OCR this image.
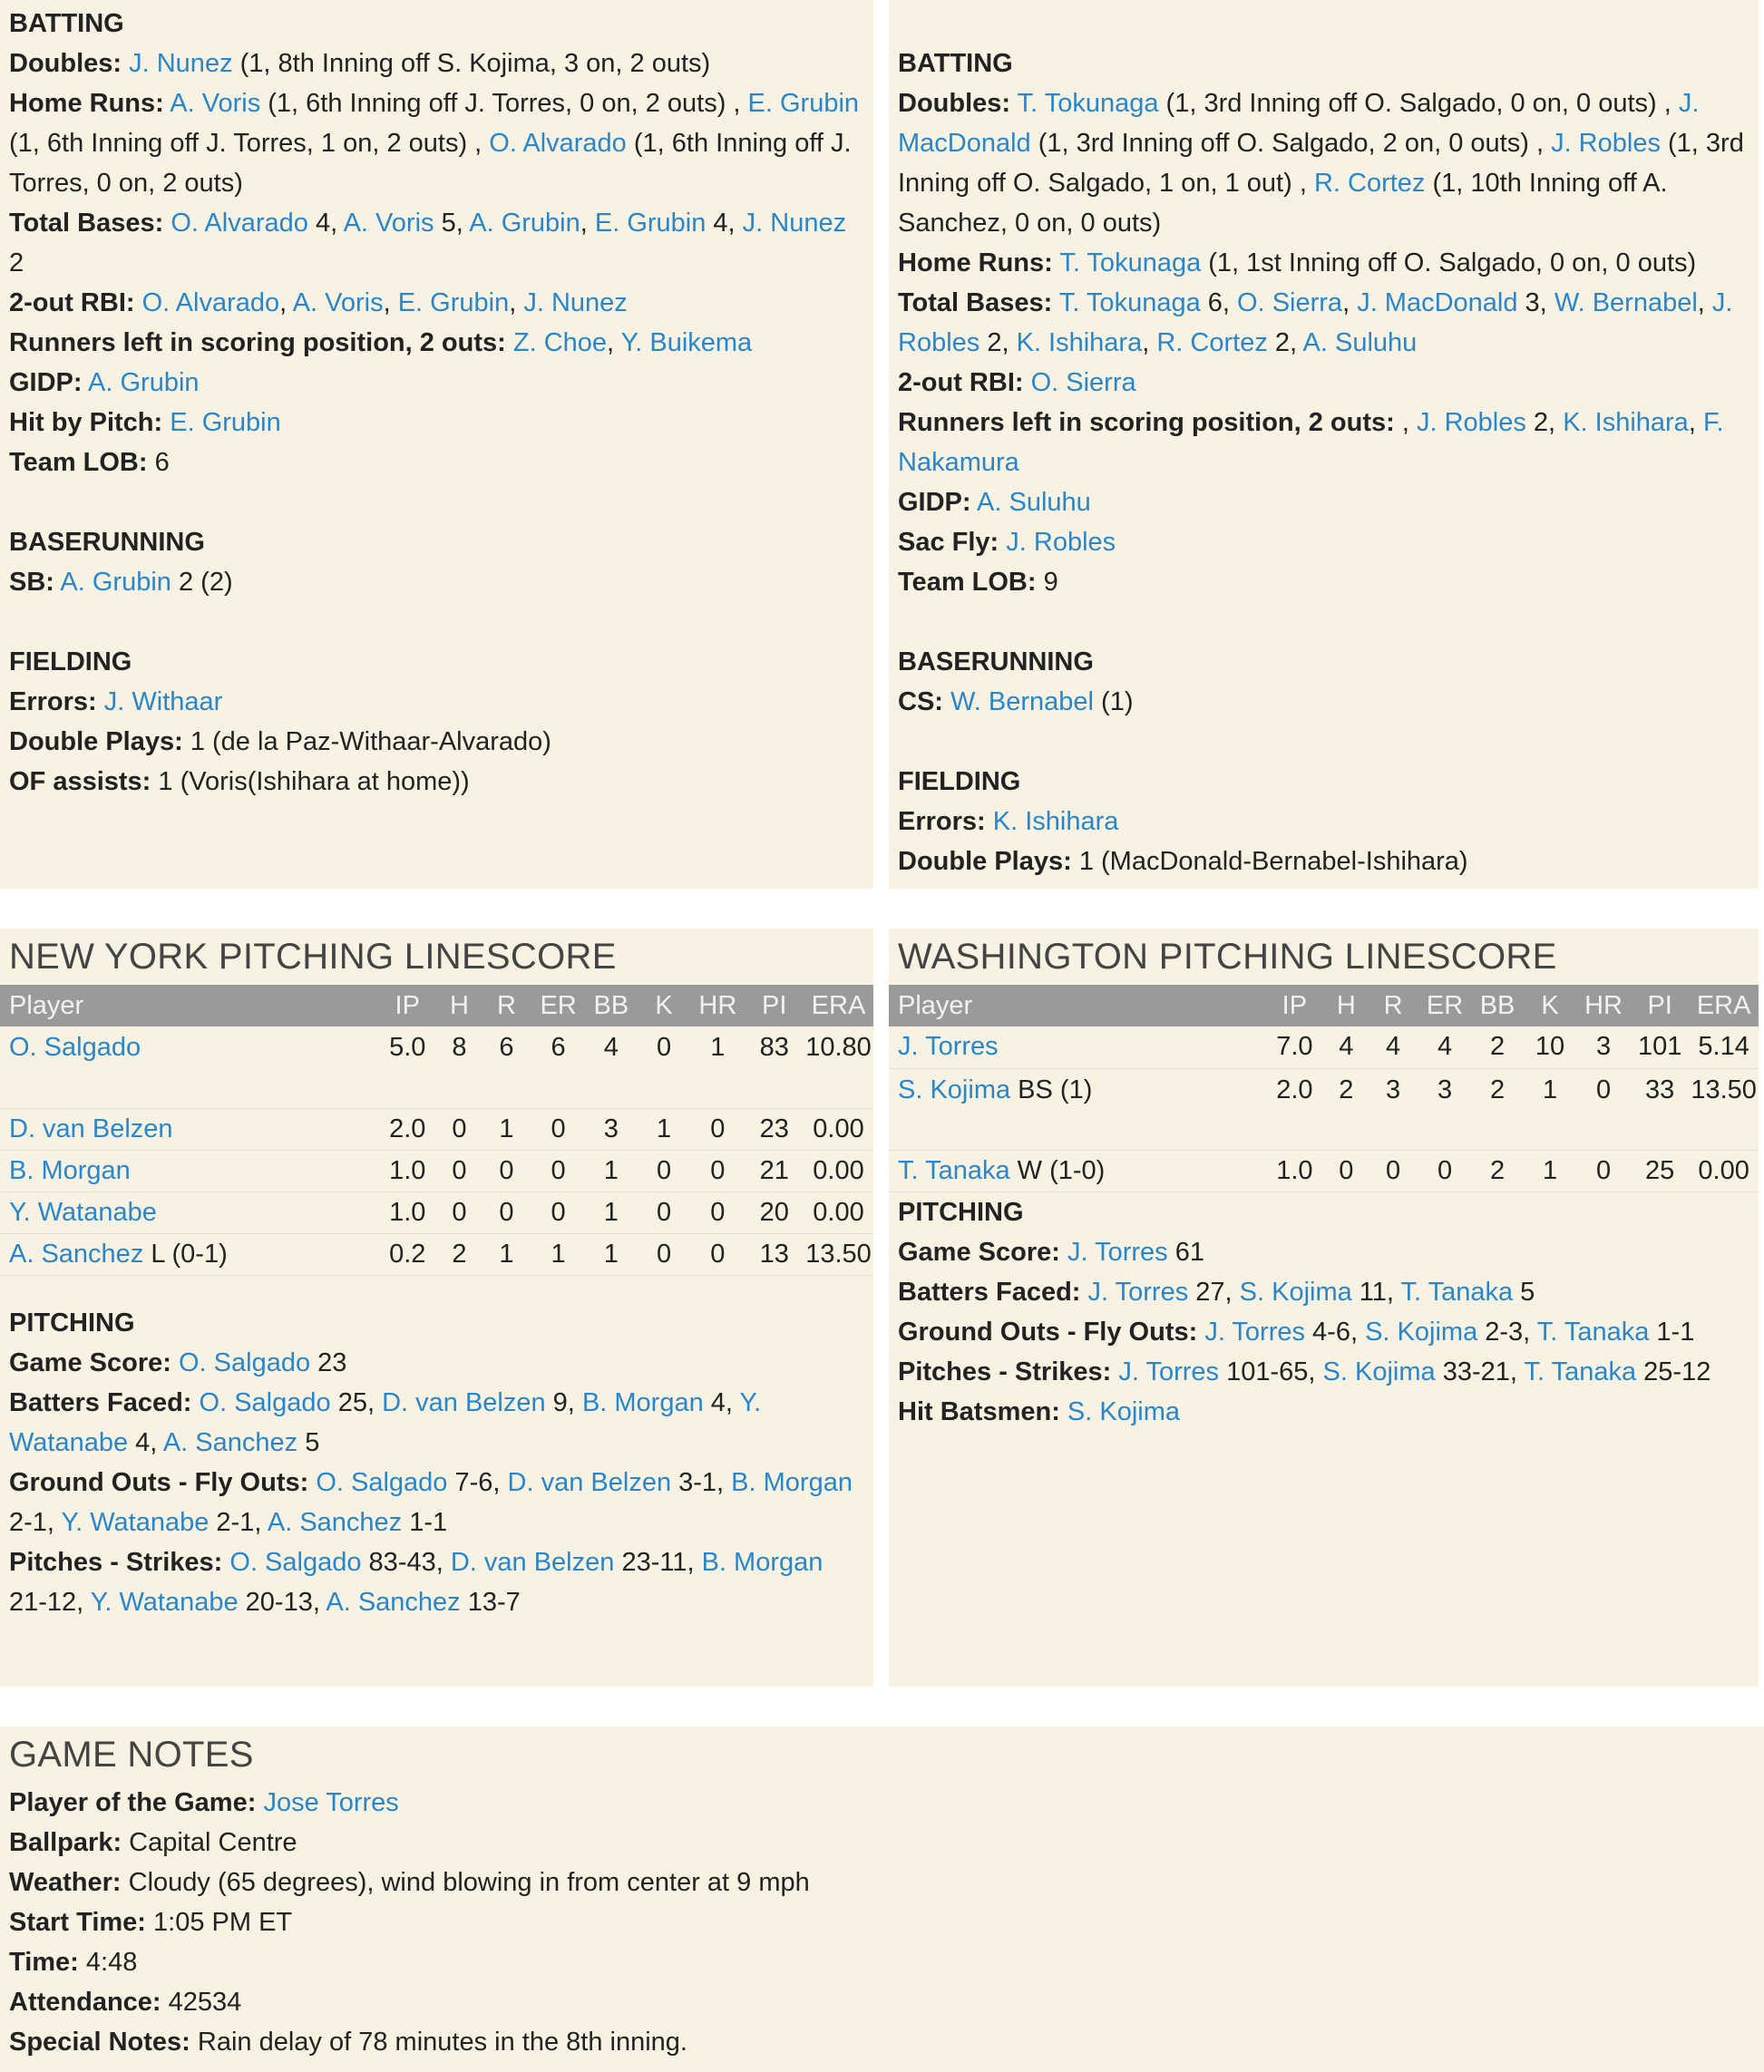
BATTING
Doubles: J. Nunez (1, 8th Inning off S. Kojima, 3 on, 2 outs)
Home Runs: A. Voris (1, 6th Inning off J. Torres, 0 on, 2 outs) , E. Grubin (1, 6th Inning off J. Torres, 1 on, 2 outs) , O. Alvarado (1, 6th Inning off J. Torres, 0 on, 2 outs)
Total Bases: O. Alvarado 4, A. Voris 5, A. Grubin, E. Grubin 4, J. Nunez 2
2-out RBI: O. Alvarado, A. Voris, E. Grubin, J. Nunez
Runners left in scoring position, 2 outs: Z. Choe, Y. Buikema
GIDP: A. Grubin
Hit by Pitch: E. Grubin
Team LOB: 6
BASERUNNING
SB: A. Grubin 2 (2)
FIELDING
Errors: J. Withaar
Double Plays: 1 (de la Paz-Withaar-Alvarado)
OF assists: 1 (Voris(Ishihara at home))
BATTING
Doubles: T. Tokunaga (1, 3rd Inning off O. Salgado, 0 on, 0 outs) , J. MacDonald (1, 3rd Inning off O. Salgado, 2 on, 0 outs) , J. Robles (1, 3rd Inning off O. Salgado, 1 on, 1 out) , R. Cortez (1, 10th Inning off A. Sanchez, 0 on, 0 outs)
Home Runs: T. Tokunaga (1, 1st Inning off O. Salgado, 0 on, 0 outs)
Total Bases: T. Tokunaga 6, O. Sierra, J. MacDonald 3, W. Bernabel, J. Robles 2, K. Ishihara, R. Cortez 2, A. Suluhu
2-out RBI: O. Sierra
Runners left in scoring position, 2 outs: , J. Robles 2, K. Ishihara, F. Nakamura
GIDP: A. Suluhu
Sac Fly: J. Robles
Team LOB: 9
BASERUNNING
CS: W. Bernabel (1)
FIELDING
Errors: K. Ishihara
Double Plays: 1 (MacDonald-Bernabel-Ishihara)
NEW YORK PITCHING LINESCORE
Player	IP	H	R	ER	BB	K	HR	PI	ERA
O. Salgado	5.0	8	6	6	4	0	1	83	10.80
D. van Belzen	2.0	0	1	0	3	1	0	23	0.00
B. Morgan	1.0	0	0	0	1	0	0	21	0.00
Y. Watanabe	1.0	0	0	0	1	0	0	20	0.00
A. Sanchez L (0-1)	0.2	2	1	1	1	0	0	13	13.50
PITCHING
Game Score: O. Salgado 23
Batters Faced: O. Salgado 25, D. van Belzen 9, B. Morgan 4, Y. Watanabe 4, A. Sanchez 5
Ground Outs - Fly Outs: O. Salgado 7-6, D. van Belzen 3-1, B. Morgan 2-1, Y. Watanabe 2-1, A. Sanchez 1-1
Pitches - Strikes: O. Salgado 83-43, D. van Belzen 23-11, B. Morgan 21-12, Y. Watanabe 20-13, A. Sanchez 13-7
WASHINGTON PITCHING LINESCORE
Player	IP	H	R	ER	BB	K	HR	PI	ERA
J. Torres	7.0	4	4	4	2	10	3	101	5.14
S. Kojima BS (1)	2.0	2	3	3	2	1	0	33	13.50
T. Tanaka W (1-0)	1.0	0	0	0	2	1	0	25	0.00
PITCHING
Game Score: J. Torres 61
Batters Faced: J. Torres 27, S. Kojima 11, T. Tanaka 5
Ground Outs - Fly Outs: J. Torres 4-6, S. Kojima 2-3, T. Tanaka 1-1
Pitches - Strikes: J. Torres 101-65, S. Kojima 33-21, T. Tanaka 25-12
Hit Batsmen: S. Kojima
GAME NOTES
Player of the Game: Jose Torres
Ballpark: Capital Centre
Weather: Cloudy (65 degrees), wind blowing in from center at 9 mph
Start Time: 1:05 PM ET
Time: 4:48
Attendance: 42534
Special Notes: Rain delay of 78 minutes in the 8th inning.
